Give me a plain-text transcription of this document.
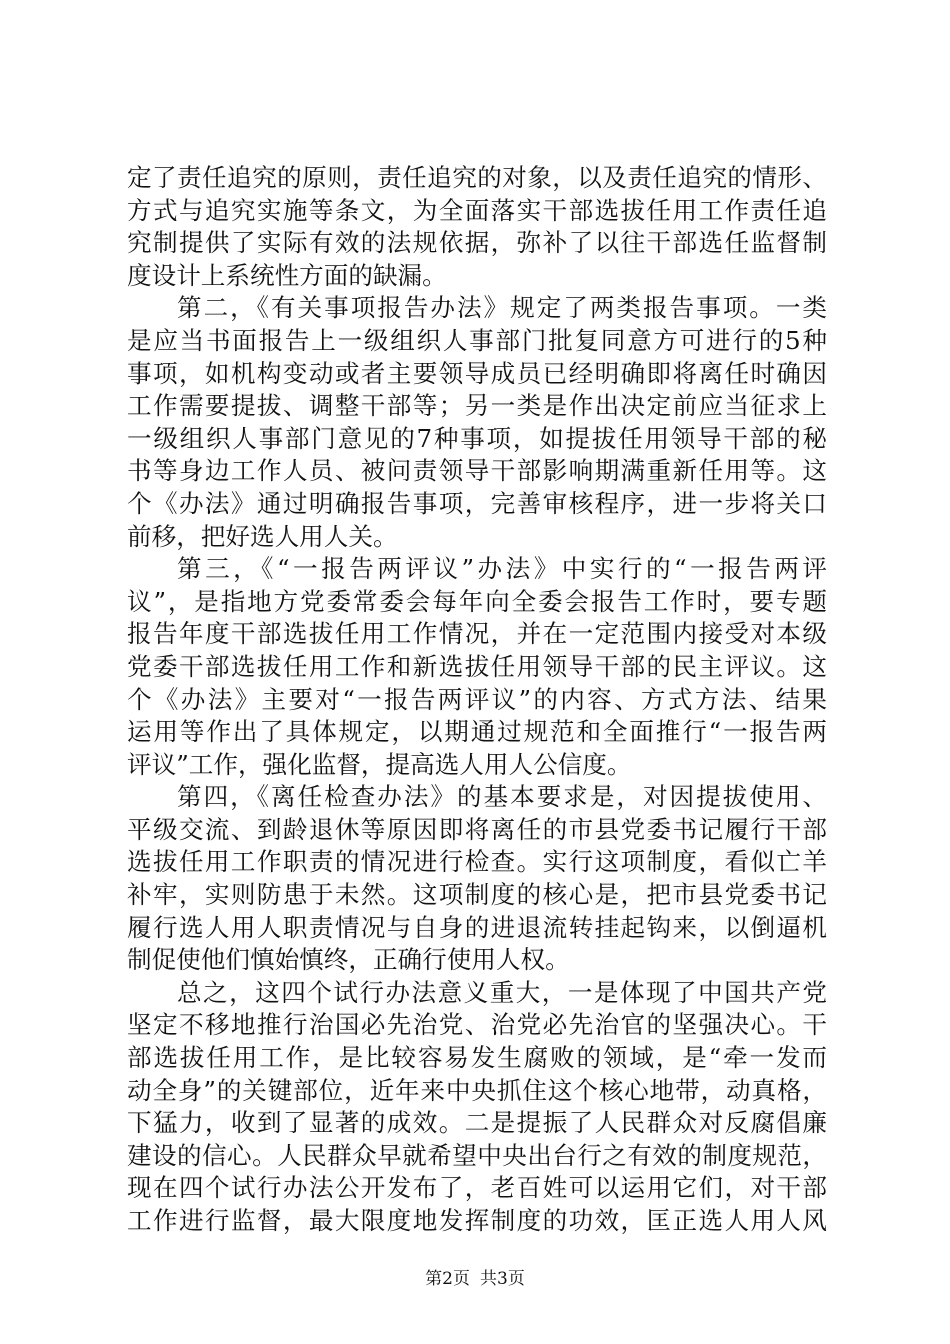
定了责任追究的原则，责任追究的对象，以及责任追究的情形、
方式与追究实施等条文，为全面落实干部选拔任用工作责任追
究制提供了实际有效的法规依据，弥补了以往干部选任监督制
度设计上系统性方面的缺漏。
第二，《有关事项报告办法》规定了两类报告事项。一类
是应当书面报告上一级组织人事部门批复同意方可进行的5种
事项，如机构变动或者主要领导成员已经明确即将离任时确因
工作需要提拔、调整干部等；另一类是作出决定前应当征求上
一级组织人事部门意见的7种事项，如提拔任用领导干部的秘
书等身边工作人员、被问责领导干部影响期满重新任用等。这
个《办法》通过明确报告事项，完善审核程序，进一步将关口
前移，把好选人用人关。
第三，《“一报告两评议”办法》中实行的“一报告两评
议”，是指地方党委常委会每年向全委会报告工作时，要专题
报告年度干部选拔任用工作情况，并在一定范围内接受对本级
党委干部选拔任用工作和新选拔任用领导干部的民主评议。这
个《办法》主要对“一报告两评议”的内容、方式方法、结果
运用等作出了具体规定，以期通过规范和全面推行“一报告两
评议”工作，强化监督，提高选人用人公信度。
第四，《离任检查办法》的基本要求是，对因提拔使用、
平级交流、到龄退休等原因即将离任的市县党委书记履行干部
选拔任用工作职责的情况进行检查。实行这项制度，看似亡羊
补牢，实则防患于未然。这项制度的核心是，把市县党委书记
履行选人用人职责情况与自身的进退流转挂起钩来，以倒逼机
制促使他们慎始慎终，正确行使用人权。
总之，这四个试行办法意义重大，一是体现了中国共产党
坚定不移地推行治国必先治党、治党必先治官的坚强决心。干
部选拔任用工作，是比较容易发生腐败的领域，是“牵一发而
动全身”的关键部位，近年来中央抓住这个核心地带，动真格，
下猛力，收到了显著的成效。二是提振了人民群众对反腐倡廉
建设的信心。人民群众早就希望中央出台行之有效的制度规范，
现在四个试行办法公开发布了，老百姓可以运用它们，对干部
工作进行监督，最大限度地发挥制度的功效，匡正选人用人风
第2页 共3页
